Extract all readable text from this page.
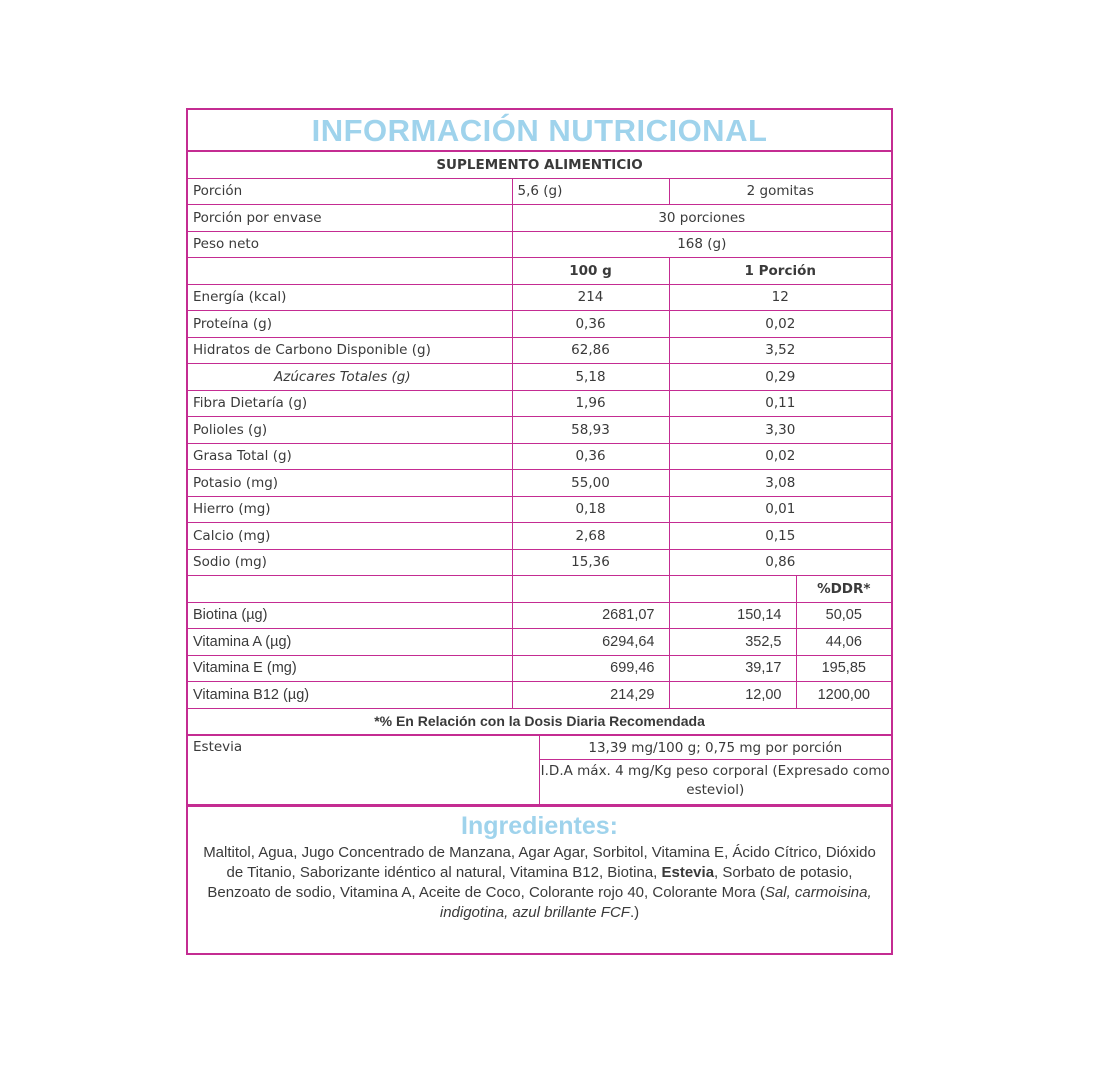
INFORMACIÓN NUTRICIONAL
SUPLEMENTO ALIMENTICIO			
Porción	5,6 (g)	2 gomitas	
Porción por envase	30 porciones		
Peso neto	168 (g)		
	100 g	1 Porción	
Energía (kcal)	214	12	
Proteína (g)	0,36	0,02	
Hidratos de Carbono Disponible (g)	62,86	3,52	
Azúcares Totales (g)	5,18	0,29	
Fibra Dietaría (g)	1,96	0,11	
Polioles (g)	58,93	3,30	
Grasa Total (g)	0,36	0,02	
Potasio (mg)	55,00	3,08	
Hierro (mg)	0,18	0,01	
Calcio (mg)	2,68	0,15	
Sodio (mg)	15,36	0,86	
			%DDR*
Biotina (µg)	2681,07	150,14	50,05
Vitamina A (µg)	6294,64	352,5	44,06
Vitamina E (mg)	699,46	39,17	195,85
Vitamina B12 (µg)	214,29	12,00	1200,00
*% En Relación con la Dosis Diaria Recomendada			
Estevia	13,39 mg/100 g; 0,75 mg por porción
I.D.A máx. 4 mg/Kg peso corporal (Expresado como esteviol)
Ingredientes:
Maltitol, Agua, Jugo Concentrado de Manzana, Agar Agar, Sorbitol, Vitamina E, Ácido Cítrico, Dióxido de Titanio, Saborizante idéntico al natural, Vitamina B12, Biotina, Estevia, Sorbato de potasio, Benzoato de sodio, Vitamina A, Aceite de Coco, Colorante rojo 40, Colorante Mora (Sal, carmoisina, indigotina, azul brillante FCF.)
